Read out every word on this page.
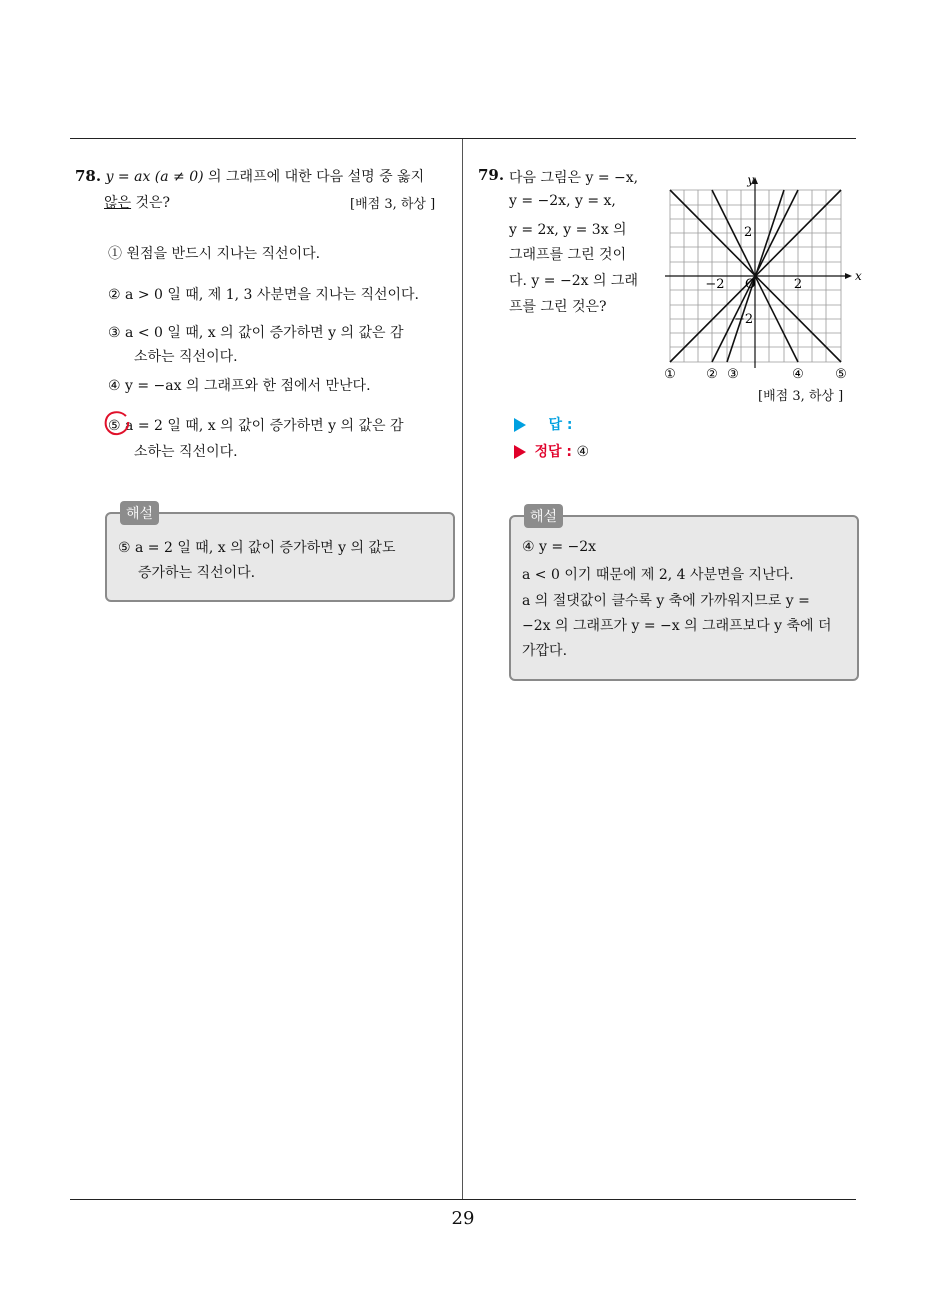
78. y = ax (a ≠ 0) 의 그래프에 대한 다음 설명 중 옳지
않은 것은?	[배점 3, 하상 ]
① 원점을 반드시 지나는 직선이다.
② a > 0 일 때, 제 1, 3 사분면을 지나는 직선이다.
③ a < 0 일 때, x 의 값이 증가하면 y 의 값은 감
소하는 직선이다.
④ y = −ax 의 그래프와 한 점에서 만난다.
⑤ a = 2 일 때, x 의 값이 증가하면 y 의 값은 감
소하는 직선이다.
해설
⑤ a = 2 일 때, x 의 값이 증가하면 y 의 값도
증가하는 직선이다.
79. 다음 그림은 y = −x,
y = −2x, y = x,
y = 2x, y = 3x 의
그래프를 그린 것이
다. y = −2x 의 그래
프를 그린 것은?
y
x
−2	2
O
2
−2
① ② ③	④ ⑤
[배점 3, 하상 ]
답 :
정답 : ④
해설
④ y = −2x
a < 0 이기 때문에 제 2, 4 사분면을 지난다.
a 의 절댓값이 클수록 y 축에 가까워지므로 y =
−2x 의 그래프가 y = −x 의 그래프보다 y 축에 더
가깝다.
29
